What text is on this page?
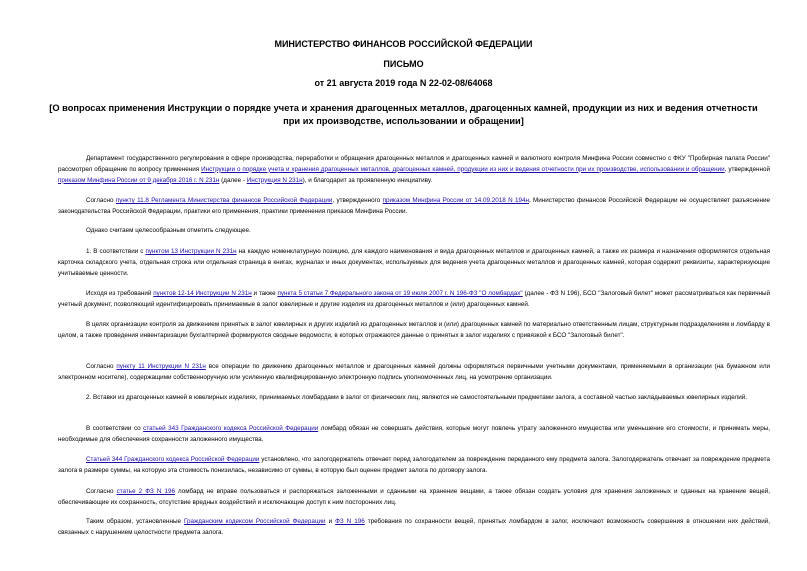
МИНИСТЕРСТВО ФИНАНСОВ РОССИЙСКОЙ ФЕДЕРАЦИИ
ПИСЬМО
от 21 августа 2019 года N 22-02-08/64068
[О вопросах применения Инструкции о порядке учета и хранения драгоценных металлов, драгоценных камней, продукции из них и ведения отчетности при их производстве, использовании и обращении]

Департамент государственного регулирования в сфере производства, переработки и обращения драгоценных металлов и драгоценных камней и валютного контроля Минфина России совместно с ФКУ "Пробирная палата России" рассмотрел обращение по вопросу применения Инструкции о порядке учета и хранения драгоценных металлов, драгоценных камней, продукции из них и ведения отчетности при их производстве, использовании и обращении, утвержденной приказом Минфина России от 9 декабря 2016 г. N 231н (далее - Инструкция N 231н), и благодарит за проявленную инициативу.

Согласно пункту 11.8 Регламента Министерства финансов Российской Федерации, утвержденного приказом Минфина России от 14.09.2018 N 194н, Министерство финансов Российской Федерации не осуществляет разъяснение законодательства Российской Федерации, практики его применения, практики применения приказов Минфина России.

Однако считаем целесообразным отметить следующее.

1. В соответствии с пунктом 13 Инструкции N 231н на каждую номенклатурную позицию, для каждого наименования и вида драгоценных металлов и драгоценных камней, а также их размера и назначения оформляется отдельная карточка складского учета, отдельная строка или отдельная страница в книгах, журналах и иных документах, используемых для ведения учета драгоценных металлов и драгоценных камней, которая содержит реквизиты, характеризующие учитываемые ценности.

Исходя из требований пунктов 12-14 Инструкции N 231н и также пункта 5 статьи 7 Федерального закона от 19 июля 2007 г. N 196-ФЗ "О ломбардах" (далее - ФЗ N 196), БСО "Залоговый билет" может рассматриваться как первичный учетный документ, позволяющий идентифицировать принимаемые в залог ювелирные и другие изделия из драгоценных металлов и (или) драгоценных камней.

В целях организации контроля за движением принятых в залог ювелирных и других изделий из драгоценных металлов и (или) драгоценных камней по материально ответственным лицам, структурным подразделениям и ломбарду в целом, а также проведения инвентаризации бухгалтерией формируются сводные ведомости, в которых отражаются данные о принятых в залог изделиях с привязкой к БСО "Залоговый билет".

Согласно пункту 11 Инструкции N 231н все операции по движению драгоценных металлов и драгоценных камней должны оформляться первичными учетными документами, применяемыми в организации (на бумажном или электронном носителе), содержащими собственноручную или усиленную квалифицированную электронную подпись уполномоченных лиц, на усмотрение организации.

2. Вставки из драгоценных камней в ювелирных изделиях, принимаемых ломбардами в залог от физических лиц, являются не самостоятельными предметами залога, а составной частью закладываемых ювелирных изделий.

В соответствии со статьей 343 Гражданского кодекса Российской Федерации ломбард обязан не совершать действия, которые могут повлечь утрату заложенного имущества или уменьшение его стоимости, и принимать меры, необходимые для обеспечения сохранности заложенного имущества.

Статьей 344 Гражданского кодекса Российской Федерации установлено, что залогодержатель отвечает перед залогодателем за повреждение переданного ему предмета залога. Залогодержатель отвечает за повреждение предмета залога в размере суммы, на которую эта стоимость понизилась, независимо от суммы, в которую был оценен предмет залога по договору залога.

Согласно статье 2 ФЗ N 196 ломбард не вправе пользоваться и распоряжаться заложенными и сданными на хранение вещами, а также обязан создать условия для хранения заложенных и сданных на хранение вещей, обеспечивающие их сохранность, отсутствие вредных воздействий и исключающие доступ к ним посторонних лиц.

Таким образом, установленные Гражданским кодексом Российской Федерации и ФЗ N 196 требования по сохранности вещей, принятых ломбардом в залог, исключают возможность совершения в отношении них действий, связанных с нарушением целостности предмета залога.
